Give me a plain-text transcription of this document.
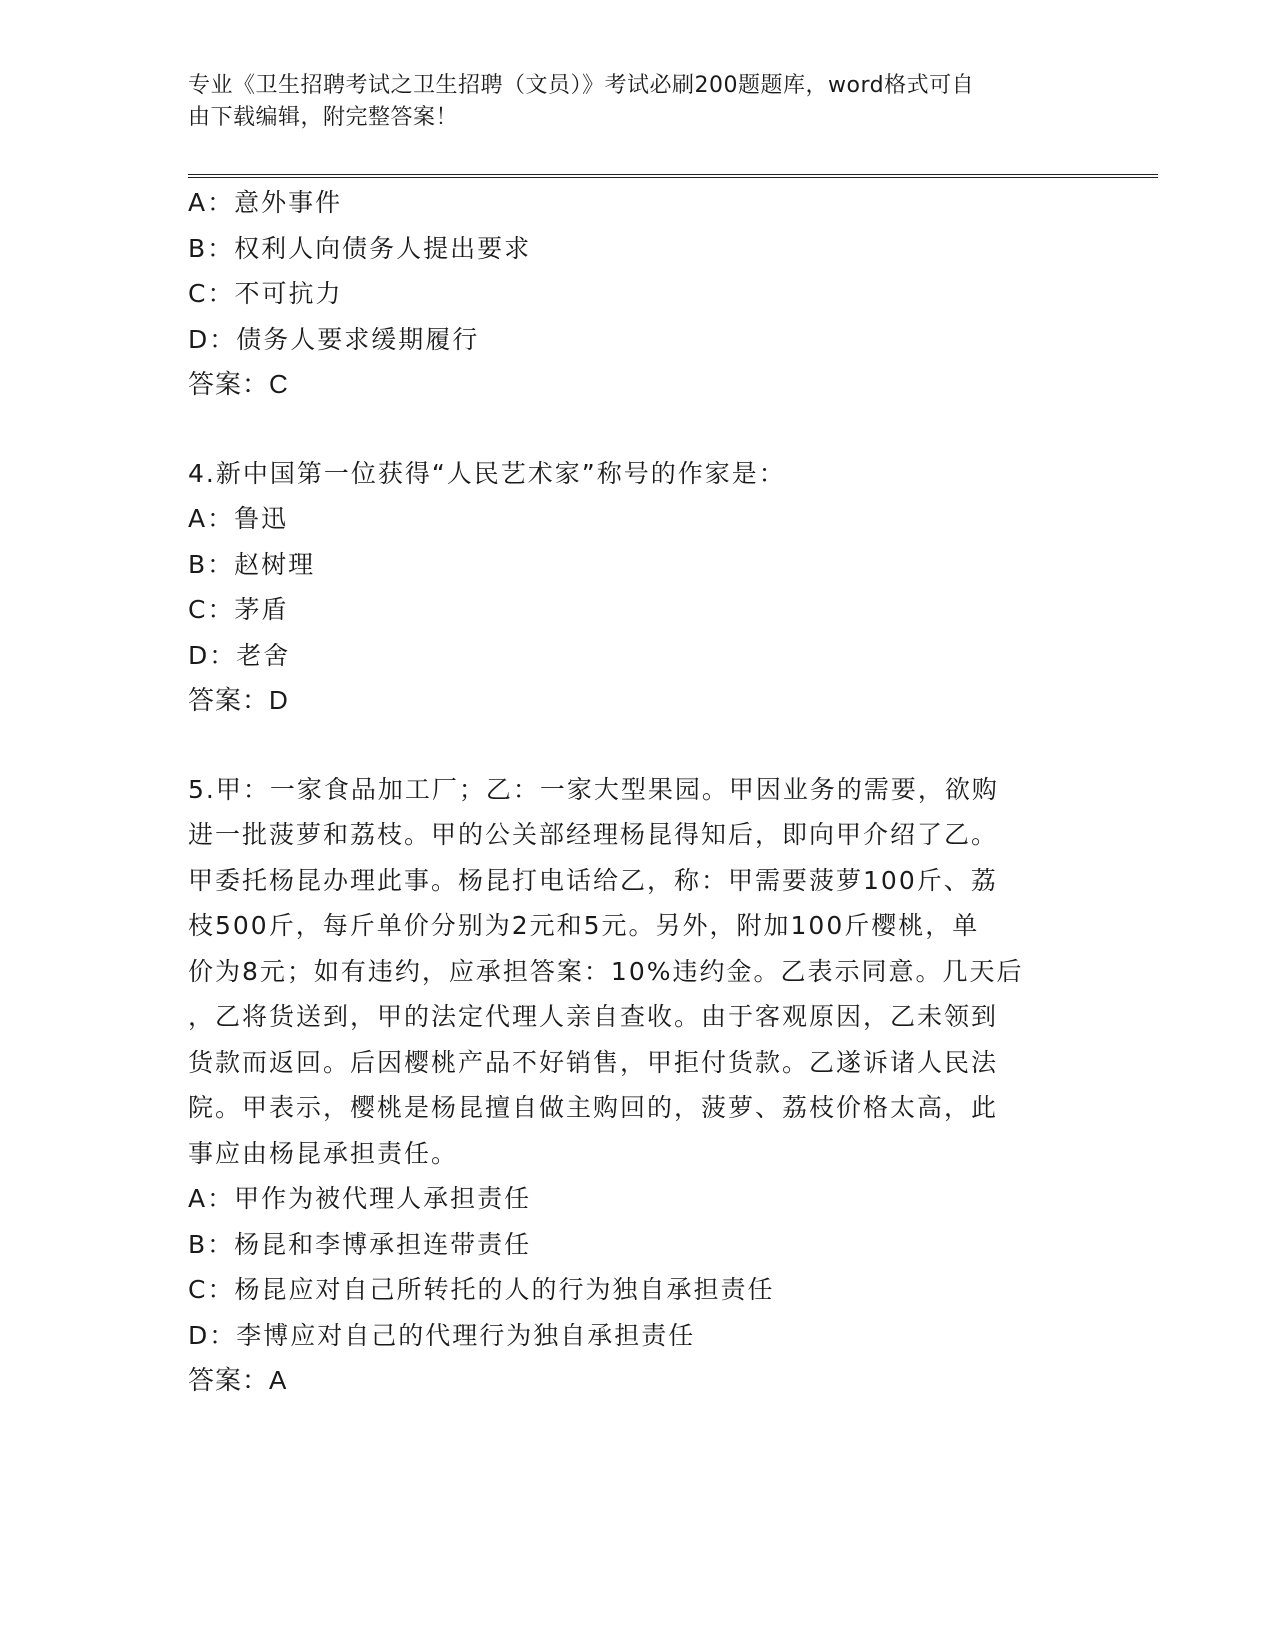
专业《卫生招聘考试之卫生招聘（文员）》考试必刷200题题库，word格式可自
由下载编辑，附完整答案！
A：意外事件
B：权利人向债务人提出要求
C：不可抗力
D：债务人要求缓期履行
答案：C
4.新中国第一位获得“人民艺术家”称号的作家是：
A：鲁迅
B：赵树理
C：茅盾
D：老舍
答案：D
5.甲：一家食品加工厂；乙：一家大型果园。甲因业务的需要，欲购
进一批菠萝和荔枝。甲的公关部经理杨昆得知后，即向甲介绍了乙。
甲委托杨昆办理此事。杨昆打电话给乙，称：甲需要菠萝100斤、荔
枝500斤，每斤单价分别为2元和5元。另外，附加100斤樱桃，单
价为8元；如有违约，应承担答案：10%违约金。乙表示同意。几天后
，乙将货送到，甲的法定代理人亲自查收。由于客观原因，乙未领到
货款而返回。后因樱桃产品不好销售，甲拒付货款。乙遂诉诸人民法
院。甲表示，樱桃是杨昆擅自做主购回的，菠萝、荔枝价格太高，此
事应由杨昆承担责任。
A：甲作为被代理人承担责任
B：杨昆和李博承担连带责任
C：杨昆应对自己所转托的人的行为独自承担责任
D：李博应对自己的代理行为独自承担责任
答案：A
